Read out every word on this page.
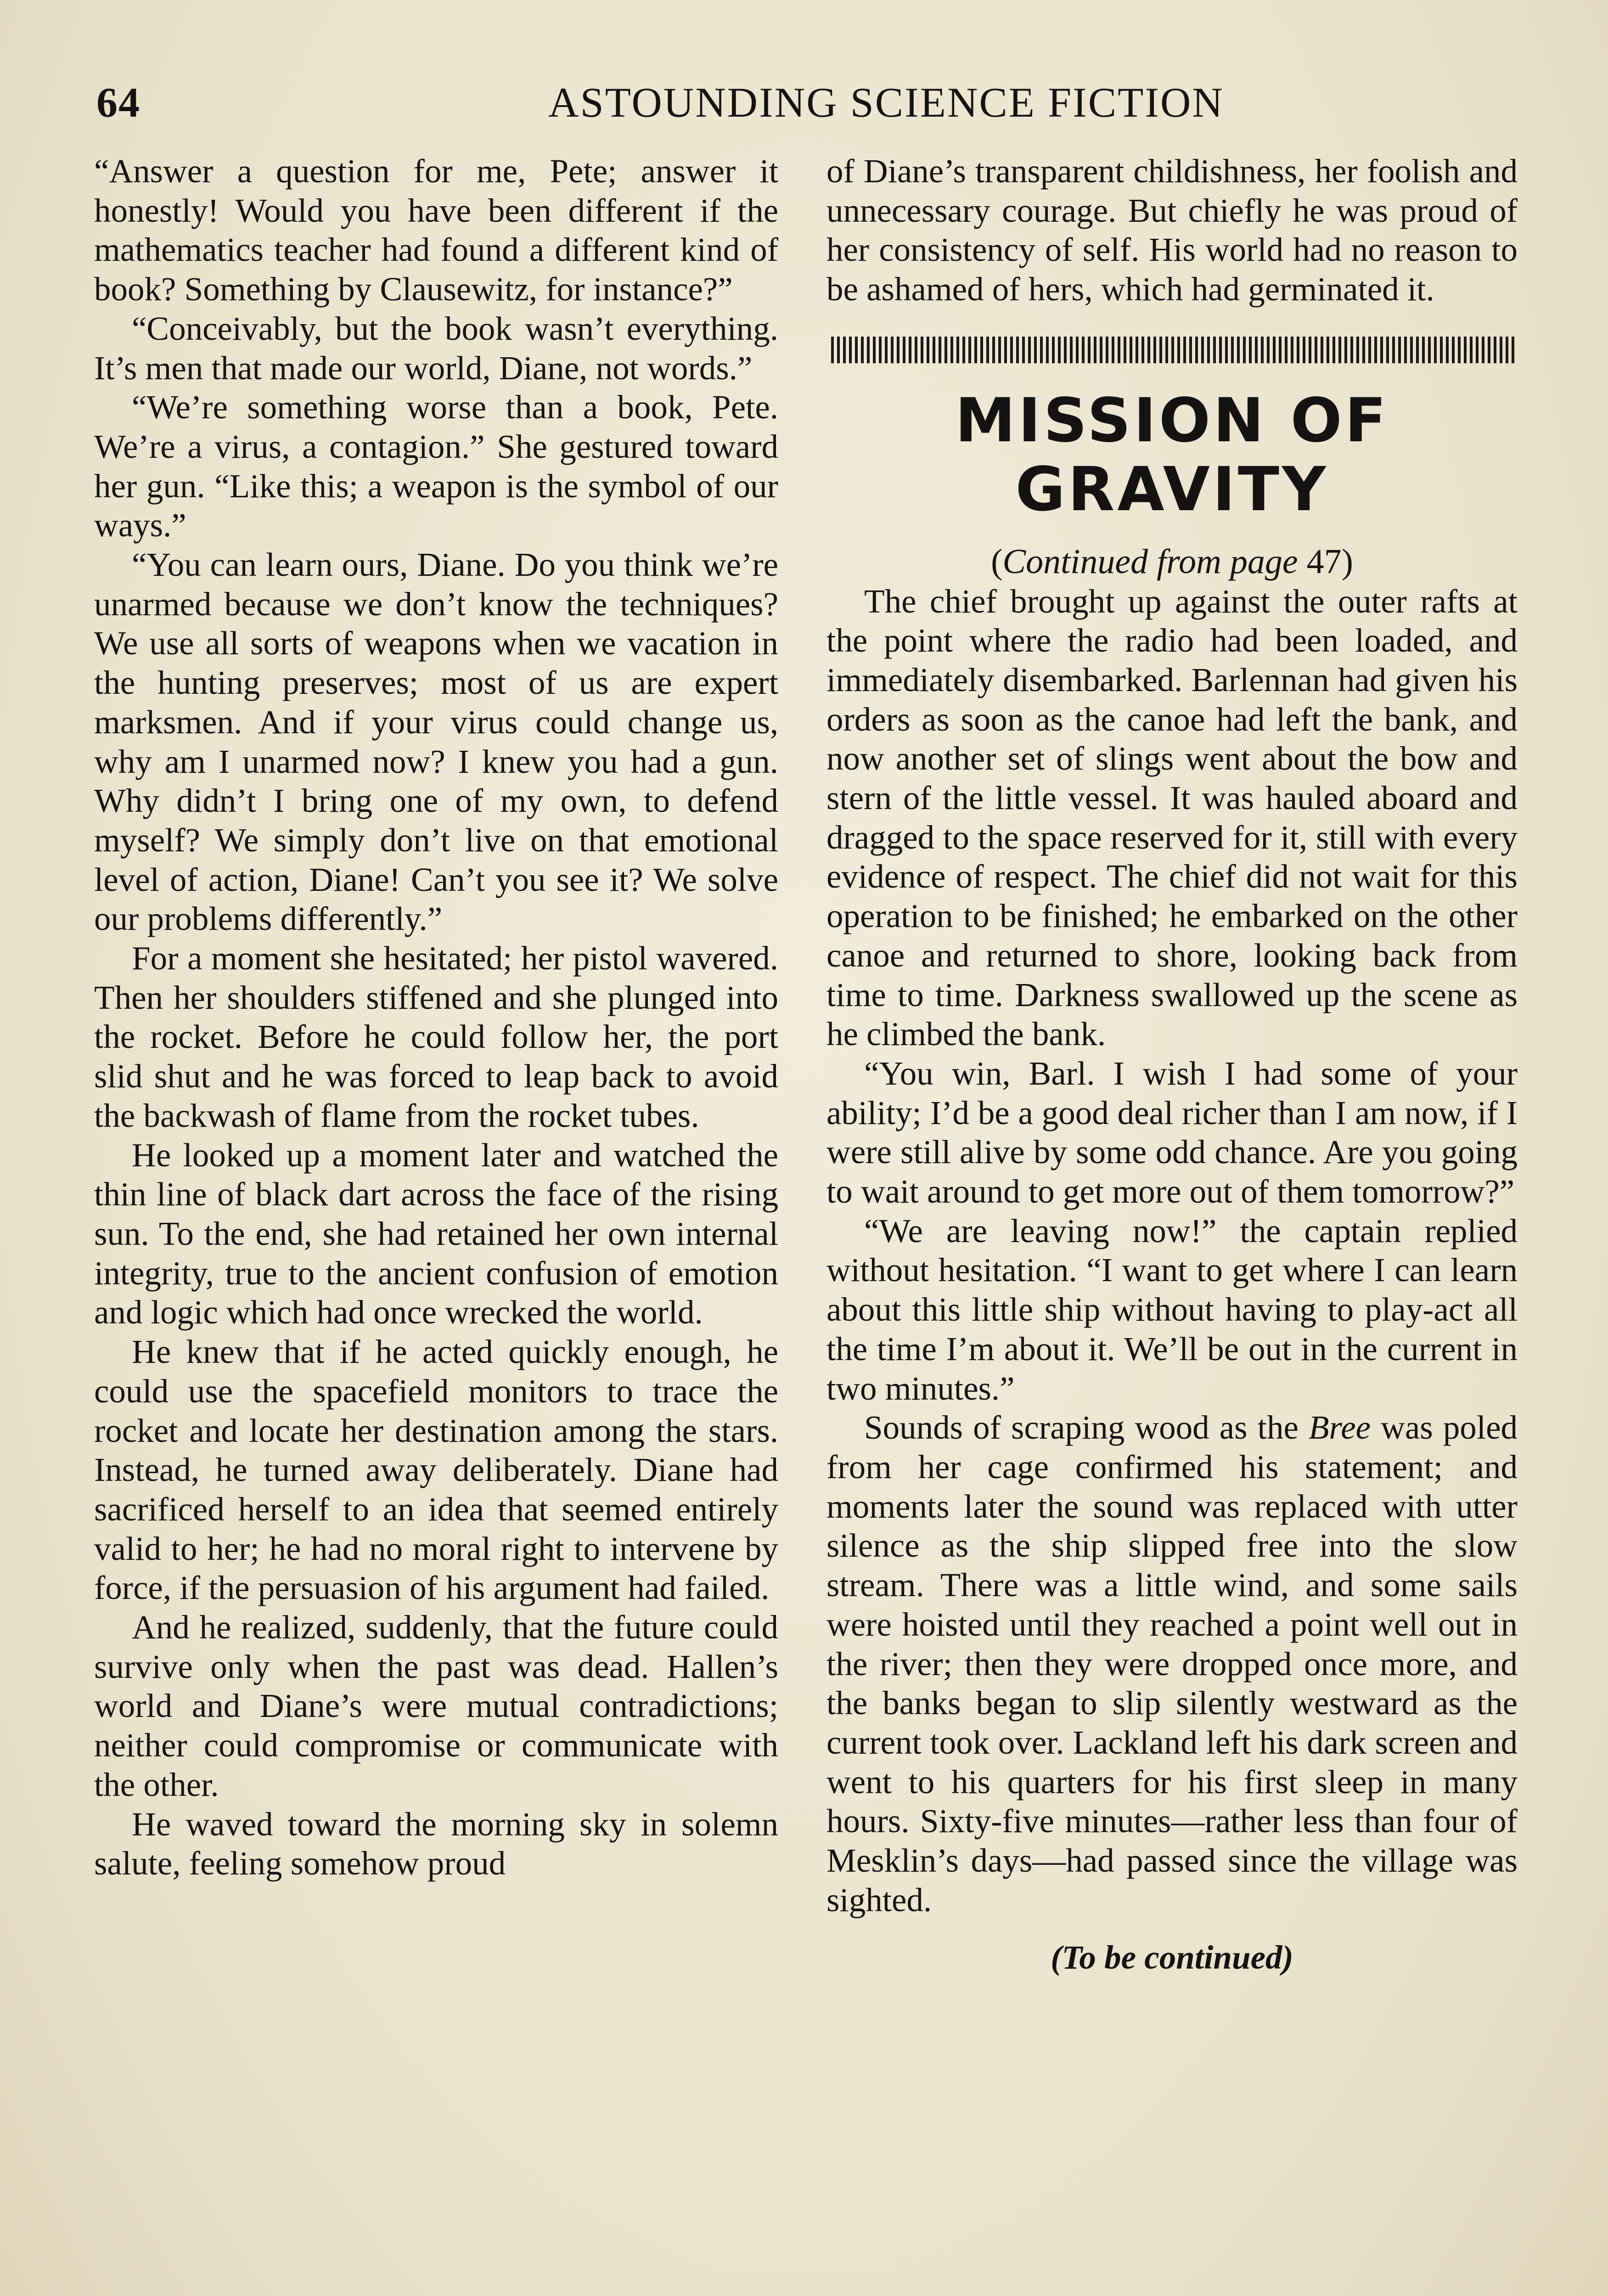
64	ASTOUNDING SCIENCE FICTION

“Answer a question for me, Pete; answer it honestly! Would you have been different if the mathematics teacher had found a different kind of book? Something by Clausewitz, for instance?”

“Conceivably, but the book wasn’t everything. It’s men that made our world, Diane, not words.”

“We’re something worse than a book, Pete. We’re a virus, a contagion.” She gestured toward her gun. “Like this; a weapon is the symbol of our ways.”

“You can learn ours, Diane. Do you think we’re unarmed because we don’t know the techniques? We use all sorts of weapons when we vacation in the hunting preserves; most of us are expert marksmen. And if your virus could change us, why am I unarmed now? I knew you had a gun. Why didn’t I bring one of my own, to defend myself? We simply don’t live on that emotional level of action, Diane! Can’t you see it? We solve our problems differently.”

For a moment she hesitated; her pistol wavered. Then her shoulders stiffened and she plunged into the rocket. Before he could follow her, the port slid shut and he was forced to leap back to avoid the backwash of flame from the rocket tubes.

He looked up a moment later and watched the thin line of black dart across the face of the rising sun. To the end, she had retained her own internal integrity, true to the ancient confusion of emotion and logic which had once wrecked the world.

He knew that if he acted quickly enough, he could use the spacefield monitors to trace the rocket and locate her destination among the stars. Instead, he turned away deliberately. Diane had sacrificed herself to an idea that seemed entirely valid to her; he had no moral right to intervene by force, if the persuasion of his argument had failed.

And he realized, suddenly, that the future could survive only when the past was dead. Hallen’s world and Diane’s were mutual contradictions; neither could compromise or communicate with the other.

He waved toward the morning sky in solemn salute, feeling somehow proud

of Diane’s transparent childishness, her foolish and unnecessary courage. But chiefly he was proud of her consistency of self. His world had no reason to be ashamed of hers, which had germinated it.

MISSION OF GRAVITY

(Continued from page 47)

The chief brought up against the outer rafts at the point where the radio had been loaded, and immediately disembarked. Barlennan had given his orders as soon as the canoe had left the bank, and now another set of slings went about the bow and stern of the little vessel. It was hauled aboard and dragged to the space reserved for it, still with every evidence of respect. The chief did not wait for this operation to be finished; he embarked on the other canoe and returned to shore, looking back from time to time. Darkness swallowed up the scene as he climbed the bank.

“You win, Barl. I wish I had some of your ability; I’d be a good deal richer than I am now, if I were still alive by some odd chance. Are you going to wait around to get more out of them tomorrow?”

“We are leaving now!” the captain replied without hesitation. “I want to get where I can learn about this little ship without having to play-act all the time I’m about it. We’ll be out in the current in two minutes.”

Sounds of scraping wood as the Bree was poled from her cage confirmed his statement; and moments later the sound was replaced with utter silence as the ship slipped free into the slow stream. There was a little wind, and some sails were hoisted until they reached a point well out in the river; then they were dropped once more, and the banks began to slip silently westward as the current took over. Lackland left his dark screen and went to his quarters for his first sleep in many hours. Sixty-five minutes—rather less than four of Mesklin’s days—had passed since the village was sighted.

(To be continued)
